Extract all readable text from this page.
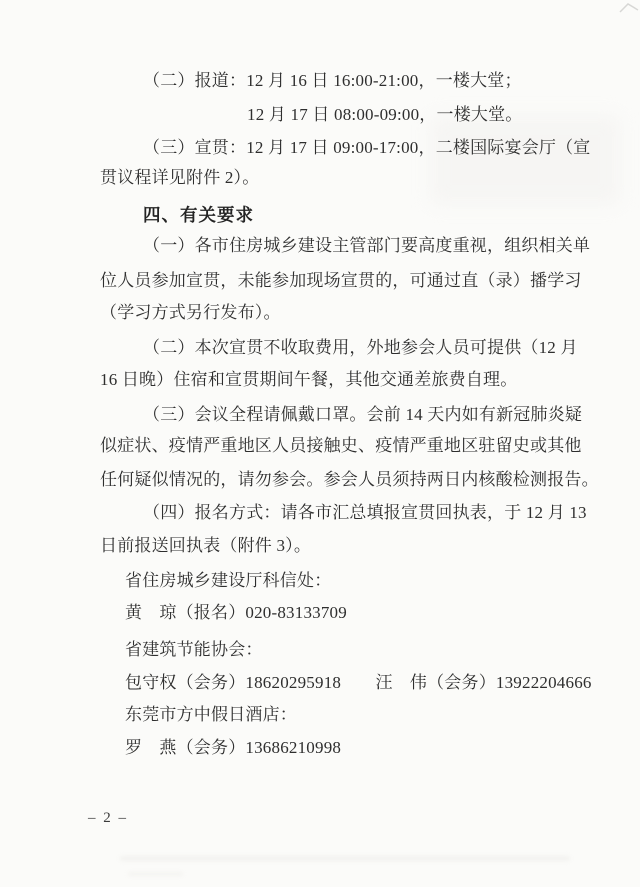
（二）报道：12 月 16 日 16:00-21:00，一楼大堂；
12 月 17 日 08:00-09:00，一楼大堂。
（三）宣贯：12 月 17 日 09:00-17:00，二楼国际宴会厅（宣
贯议程详见附件 2）。
四、有关要求
（一）各市住房城乡建设主管部门要高度重视，组织相关单
位人员参加宣贯，未能参加现场宣贯的，可通过直（录）播学习
（学习方式另行发布）。
（二）本次宣贯不收取费用，外地参会人员可提供（12 月
16 日晚）住宿和宣贯期间午餐，其他交通差旅费自理。
（三）会议全程请佩戴口罩。会前 14 天内如有新冠肺炎疑
似症状、疫情严重地区人员接触史、疫情严重地区驻留史或其他
任何疑似情况的，请勿参会。参会人员须持两日内核酸检测报告。
（四）报名方式：请各市汇总填报宣贯回执表，于 12 月 13
日前报送回执表（附件 3）。
省住房城乡建设厅科信处：
黄　琼（报名）020-83133709
省建筑节能协会：
包守权（会务）18620295918　　汪　伟（会务）13922204666
东莞市方中假日酒店：
罗　燕（会务）13686210998
– 2 –
